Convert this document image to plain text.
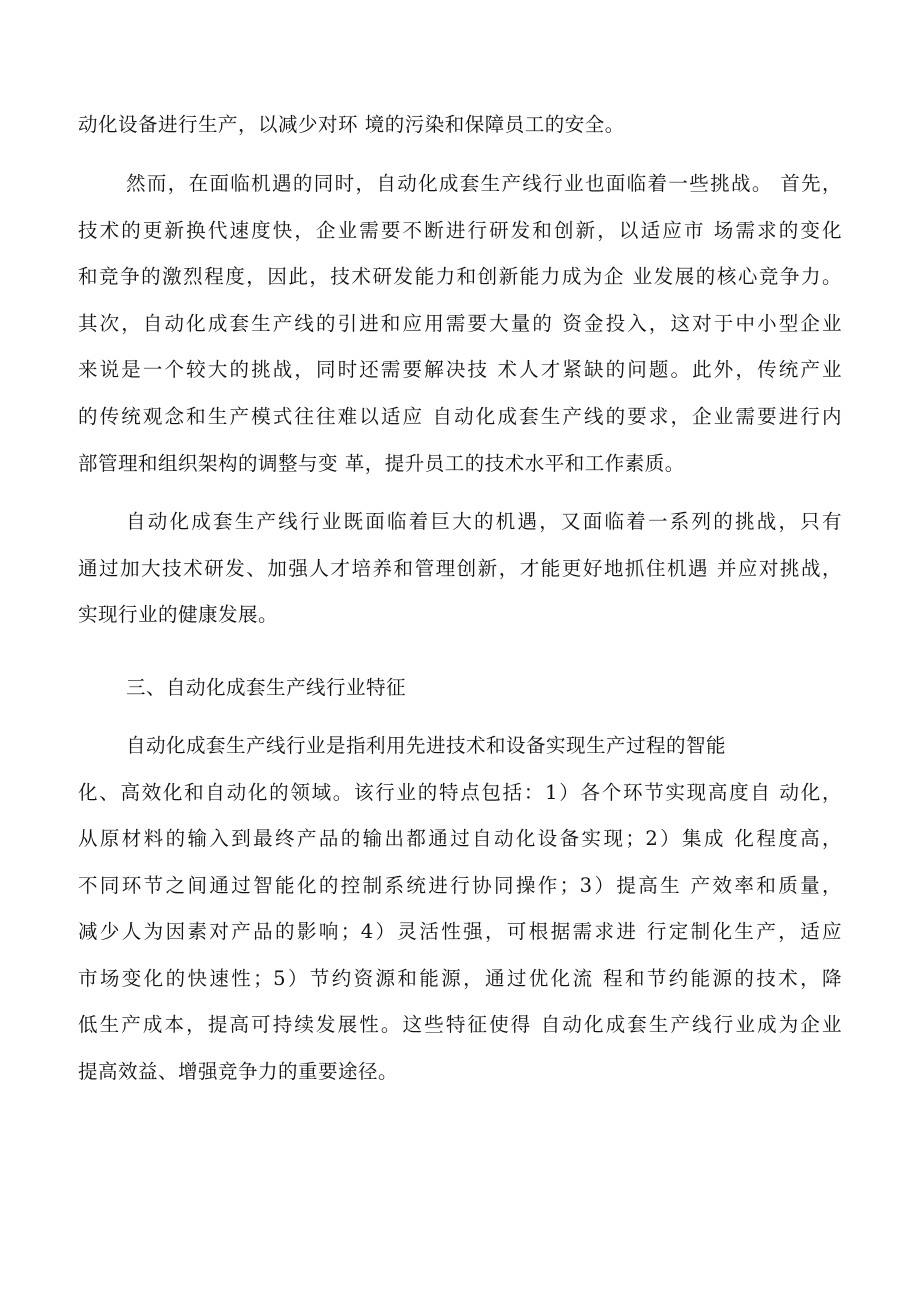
动化设备进行生产，以减少对环 境的污染和保障员工的安全。
然而，在面临机遇的同时，自动化成套生产线行业也面临着一些挑战。 首先，
技术的更新换代速度快，企业需要不断进行研发和创新，以适应市 场需求的变化
和竞争的激烈程度，因此，技术研发能力和创新能力成为企 业发展的核心竞争力。
其次，自动化成套生产线的引进和应用需要大量的 资金投入，这对于中小型企业
来说是一个较大的挑战，同时还需要解决技 术人才紧缺的问题。此外，传统产业
的传统观念和生产模式往往难以适应 自动化成套生产线的要求，企业需要进行内
部管理和组织架构的调整与变 革，提升员工的技术水平和工作素质。
自动化成套生产线行业既面临着巨大的机遇，又面临着一系列的挑战，只有
通过加大技术研发、加强人才培养和管理创新，才能更好地抓住机遇 并应对挑战，
实现行业的健康发展。
三、自动化成套生产线行业特征
自动化成套生产线行业是指利用先进技术和设备实现生产过程的智能
化、高效化和自动化的领域。该行业的特点包括：1）各个环节实现高度自 动化，
从原材料的输入到最终产品的输出都通过自动化设备实现；2）集成 化程度高，
不同环节之间通过智能化的控制系统进行协同操作；3）提高生 产效率和质量，
减少人为因素对产品的影响；4）灵活性强，可根据需求进 行定制化生产，适应
市场变化的快速性；5）节约资源和能源，通过优化流 程和节约能源的技术，降
低生产成本，提高可持续发展性。这些特征使得 自动化成套生产线行业成为企业
提高效益、增强竞争力的重要途径。
